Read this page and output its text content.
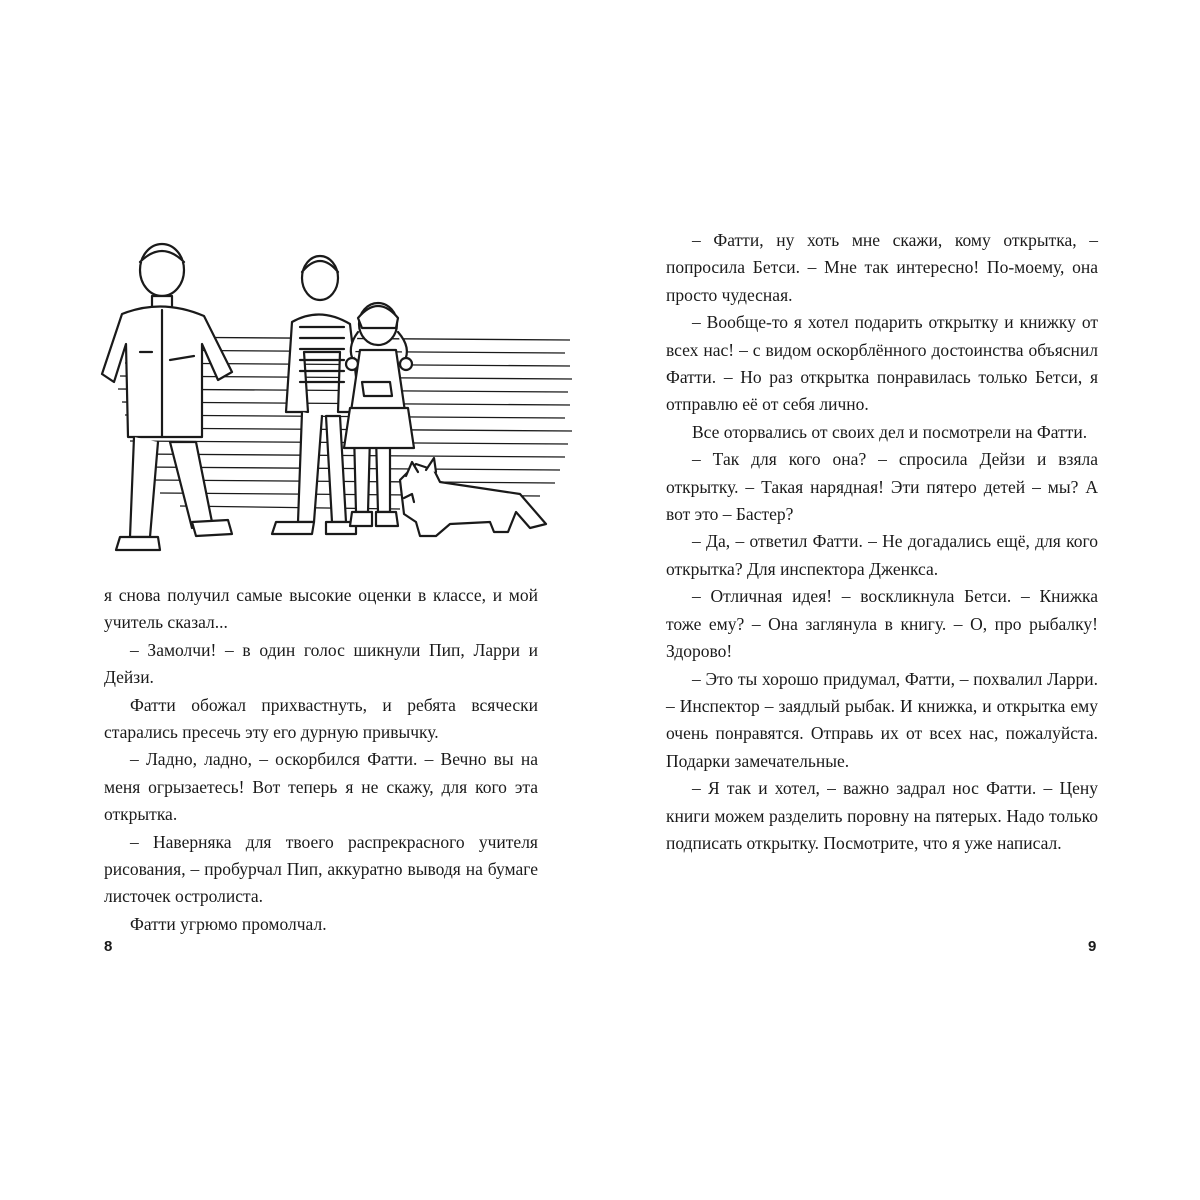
я снова получил самые высокие оценки в классе, и мой учитель сказал...

– Замолчи! – в один голос шикнули Пип, Ларри и Дейзи.

Фатти обожал прихвастнуть, и ребята всячески старались пресечь эту его дурную привычку.

– Ладно, ладно, – оскорбился Фатти. – Вечно вы на меня огрызаетесь! Вот теперь я не скажу, для кого эта открытка.

– Наверняка для твоего распрекрасного учителя рисования, – пробурчал Пип, аккуратно выводя на бумаге листочек остролиста.

Фатти угрюмо промолчал.

8

– Фатти, ну хоть мне скажи, кому открытка, – попросила Бетси. – Мне так интересно! По-моему, она просто чудесная.

– Вообще-то я хотел подарить открытку и книжку от всех нас! – с видом оскорблённого достоинства объяснил Фатти. – Но раз открытка понравилась только Бетси, я отправлю её от себя лично.

Все оторвались от своих дел и посмотрели на Фатти.

– Так для кого она? – спросила Дейзи и взяла открытку. – Такая нарядная! Эти пятеро детей – мы? А вот это – Бастер?

– Да, – ответил Фатти. – Не догадались ещё, для кого открытка? Для инспектора Дженкса.

– Отличная идея! – воскликнула Бетси. – Книжка тоже ему? – Она заглянула в книгу. – О, про рыбалку! Здорово!

– Это ты хорошо придумал, Фатти, – похвалил Ларри. – Инспектор – заядлый рыбак. И книжка, и открытка ему очень понравятся. Отправь их от всех нас, пожалуйста. Подарки замечательные.

– Я так и хотел, – важно задрал нос Фатти. – Цену книги можем разделить поровну на пятерых. Надо только подписать открытку. Посмотрите, что я уже написал.

9
